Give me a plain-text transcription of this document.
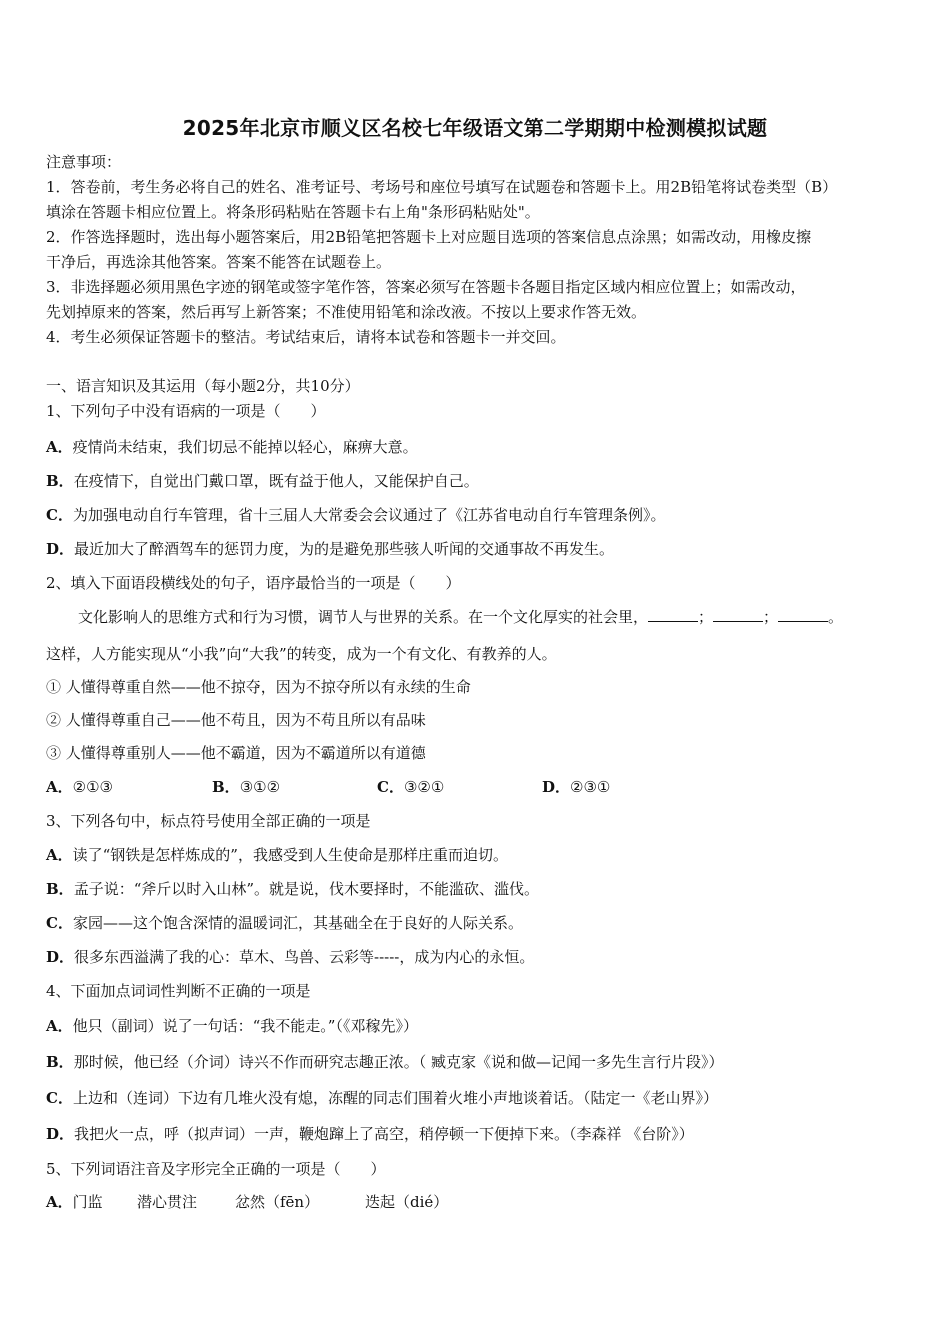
2025年北京市顺义区名校七年级语文第二学期期中检测模拟试题
注意事项：
1．答卷前，考生务必将自己的姓名、准考证号、考场号和座位号填写在试题卷和答题卡上。用2B铅笔将试卷类型（B）
填涂在答题卡相应位置上。将条形码粘贴在答题卡右上角"条形码粘贴处"。
2．作答选择题时，选出每小题答案后，用2B铅笔把答题卡上对应题目选项的答案信息点涂黑；如需改动，用橡皮擦
干净后，再选涂其他答案。答案不能答在试题卷上。
3．非选择题必须用黑色字迹的钢笔或签字笔作答，答案必须写在答题卡各题目指定区域内相应位置上；如需改动，
先划掉原来的答案，然后再写上新答案；不准使用铅笔和涂改液。不按以上要求作答无效。
4．考生必须保证答题卡的整洁。考试结束后，请将本试卷和答题卡一并交回。
一、语言知识及其运用（每小题2分，共10分）
1、下列句子中没有语病的一项是（　　）
A．疫情尚未结束，我们切忌不能掉以轻心，麻痹大意。
B．在疫情下，自觉出门戴口罩，既有益于他人，又能保护自己。
C．为加强电动自行车管理，省十三届人大常委会会议通过了《江苏省电动自行车管理条例》。
D．最近加大了醉酒驾车的惩罚力度，为的是避免那些骇人听闻的交通事故不再发生。
2、填入下面语段横线处的句子，语序最恰当的一项是（　　）
文化影响人的思维方式和行为习惯，调节人与世界的关系。在一个文化厚实的社会里，	；	；	。
这样，人方能实现从“小我”向“大我”的转变，成为一个有文化、有教养的人。
① 人懂得尊重自然——他不掠夺，因为不掠夺所以有永续的生命
② 人懂得尊重自己——他不苟且，因为不苟且所以有品味
③ 人懂得尊重别人——他不霸道，因为不霸道所以有道德
A．②①③	B．③①②	C．③②①	D．②③①
3、下列各句中，标点符号使用全部正确的一项是
A．读了“钢铁是怎样炼成的”，我感受到人生使命是那样庄重而迫切。
B．孟子说：“斧斤以时入山林”。就是说，伐木要择时，不能滥砍、滥伐。
C．家园——这个饱含深情的温暖词汇，其基础全在于良好的人际关系。
D．很多东西溢满了我的心：草木、鸟兽、云彩等-----，成为内心的永恒。
4、下面加点词词性判断不正确的一项是
A．他只（副词）说了一句话：“我不能走。”（《邓稼先》）
B．那时候，他已经（介词）诗兴不作而研究志趣正浓。（ 臧克家《说和做—记闻一多先生言行片段》）
C．上边和（连词）下边有几堆火没有熄，冻醒的同志们围着火堆小声地谈着话。（陆定一《老山界》）
D．我把火一点，呼（拟声词）一声，鞭炮蹿上了高空，稍停顿一下便掉下来。（李森祥 《台阶》）
5、下列词语注音及字形完全正确的一项是（　　）
A．门监 潜心贯注	忿然（fēn）	迭起（dié）
